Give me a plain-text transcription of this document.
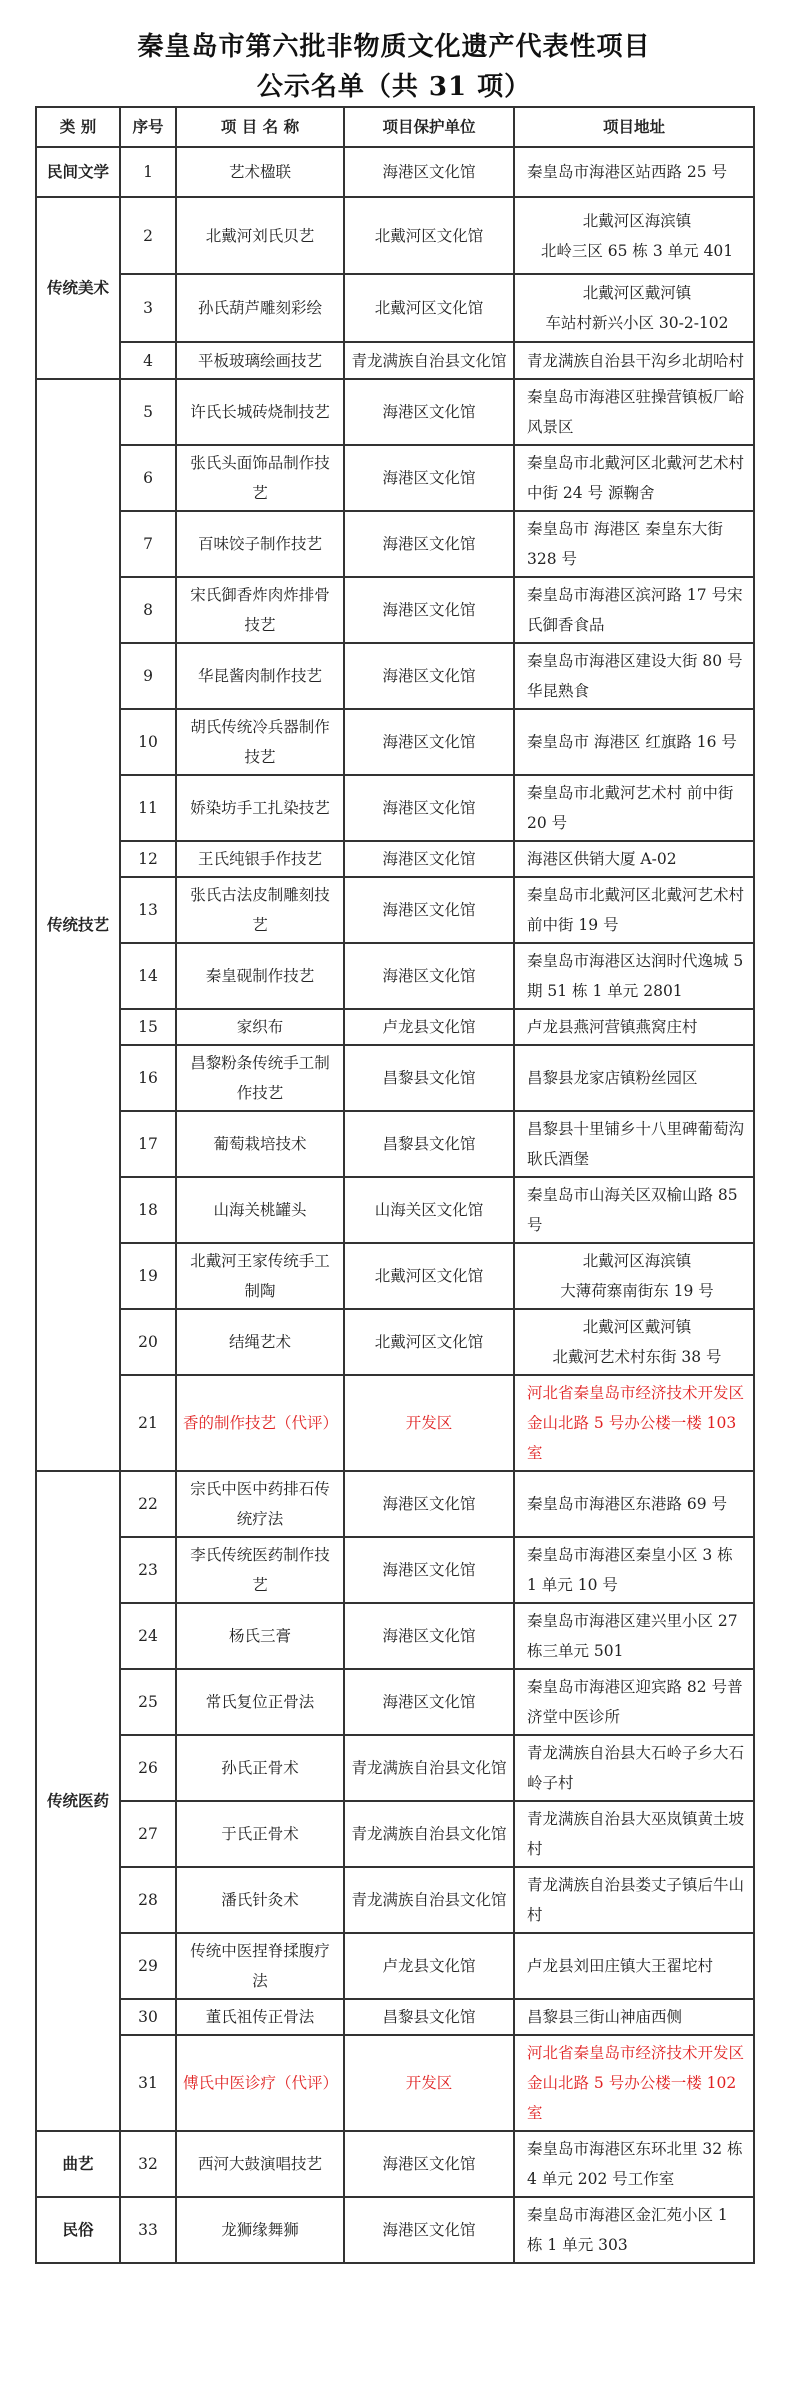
秦皇岛市第六批非物质文化遗产代表性项目
公示名单（共 31 项）
类 别	序号	项 目 名 称	项目保护单位	项目地址
民间文学	1	艺术楹联	海港区文化馆	秦皇岛市海港区站西路 25 号
传统美术	2	北戴河刘氏贝艺	北戴河区文化馆	北戴河区海滨镇
北岭三区 65 栋 3 单元 401
	3	孙氏葫芦雕刻彩绘	北戴河区文化馆	北戴河区戴河镇
车站村新兴小区 30-2-102
	4	平板玻璃绘画技艺	青龙满族自治县文化馆	青龙满族自治县干沟乡北胡哈村
传统技艺	5	许氏长城砖烧制技艺	海港区文化馆	秦皇岛市海港区驻操营镇板厂峪风景区
	6	张氏头面饰品制作技艺	海港区文化馆	秦皇岛市北戴河区北戴河艺术村中街 24 号 源鞠舍
	7	百味饺子制作技艺	海港区文化馆	秦皇岛市 海港区 秦皇东大街 328 号
	8	宋氏御香炸肉炸排骨技艺	海港区文化馆	秦皇岛市海港区滨河路 17 号宋氏御香食品
	9	华昆酱肉制作技艺	海港区文化馆	秦皇岛市海港区建设大街 80 号华昆熟食
	10	胡氏传统冷兵器制作技艺	海港区文化馆	秦皇岛市 海港区 红旗路 16 号
	11	娇染坊手工扎染技艺	海港区文化馆	秦皇岛市北戴河艺术村 前中街 20 号
	12	王氏纯银手作技艺	海港区文化馆	海港区供销大厦 A-02
	13	张氏古法皮制雕刻技艺	海港区文化馆	秦皇岛市北戴河区北戴河艺术村前中街 19 号
	14	秦皇砚制作技艺	海港区文化馆	秦皇岛市海港区达润时代逸城 5 期 51 栋 1 单元 2801
	15	家织布	卢龙县文化馆	卢龙县燕河营镇燕窝庄村
	16	昌黎粉条传统手工制作技艺	昌黎县文化馆	昌黎县龙家店镇粉丝园区
	17	葡萄栽培技术	昌黎县文化馆	昌黎县十里铺乡十八里碑葡萄沟耿氏酒堡
	18	山海关桃罐头	山海关区文化馆	秦皇岛市山海关区双榆山路 85 号
	19	北戴河王家传统手工制陶	北戴河区文化馆	北戴河区海滨镇
大薄荷寨南街东 19 号
	20	结绳艺术	北戴河区文化馆	北戴河区戴河镇
北戴河艺术村东街 38 号
	21	香的制作技艺（代评）	开发区	河北省秦皇岛市经济技术开发区金山北路 5 号办公楼一楼 103 室
传统医药	22	宗氏中医中药排石传统疗法	海港区文化馆	秦皇岛市海港区东港路 69 号
	23	李氏传统医药制作技艺	海港区文化馆	秦皇岛市海港区秦皇小区 3 栋 1 单元 10 号
	24	杨氏三膏	海港区文化馆	秦皇岛市海港区建兴里小区 27 栋三单元 501
	25	常氏复位正骨法	海港区文化馆	秦皇岛市海港区迎宾路 82 号普济堂中医诊所
	26	孙氏正骨术	青龙满族自治县文化馆	青龙满族自治县大石岭子乡大石岭子村
	27	于氏正骨术	青龙满族自治县文化馆	青龙满族自治县大巫岚镇黄土坡村
	28	潘氏针灸术	青龙满族自治县文化馆	青龙满族自治县娄丈子镇后牛山村
	29	传统中医捏脊揉腹疗法	卢龙县文化馆	卢龙县刘田庄镇大王翟坨村
	30	董氏祖传正骨法	昌黎县文化馆	昌黎县三街山神庙西侧
	31	傅氏中医诊疗（代评）	开发区	河北省秦皇岛市经济技术开发区金山北路 5 号办公楼一楼 102 室
曲艺	32	西河大鼓演唱技艺	海港区文化馆	秦皇岛市海港区东环北里 32 栋 4 单元 202 号工作室
民俗	33	龙狮缘舞狮	海港区文化馆	秦皇岛市海港区金汇苑小区 1 栋 1 单元 303
